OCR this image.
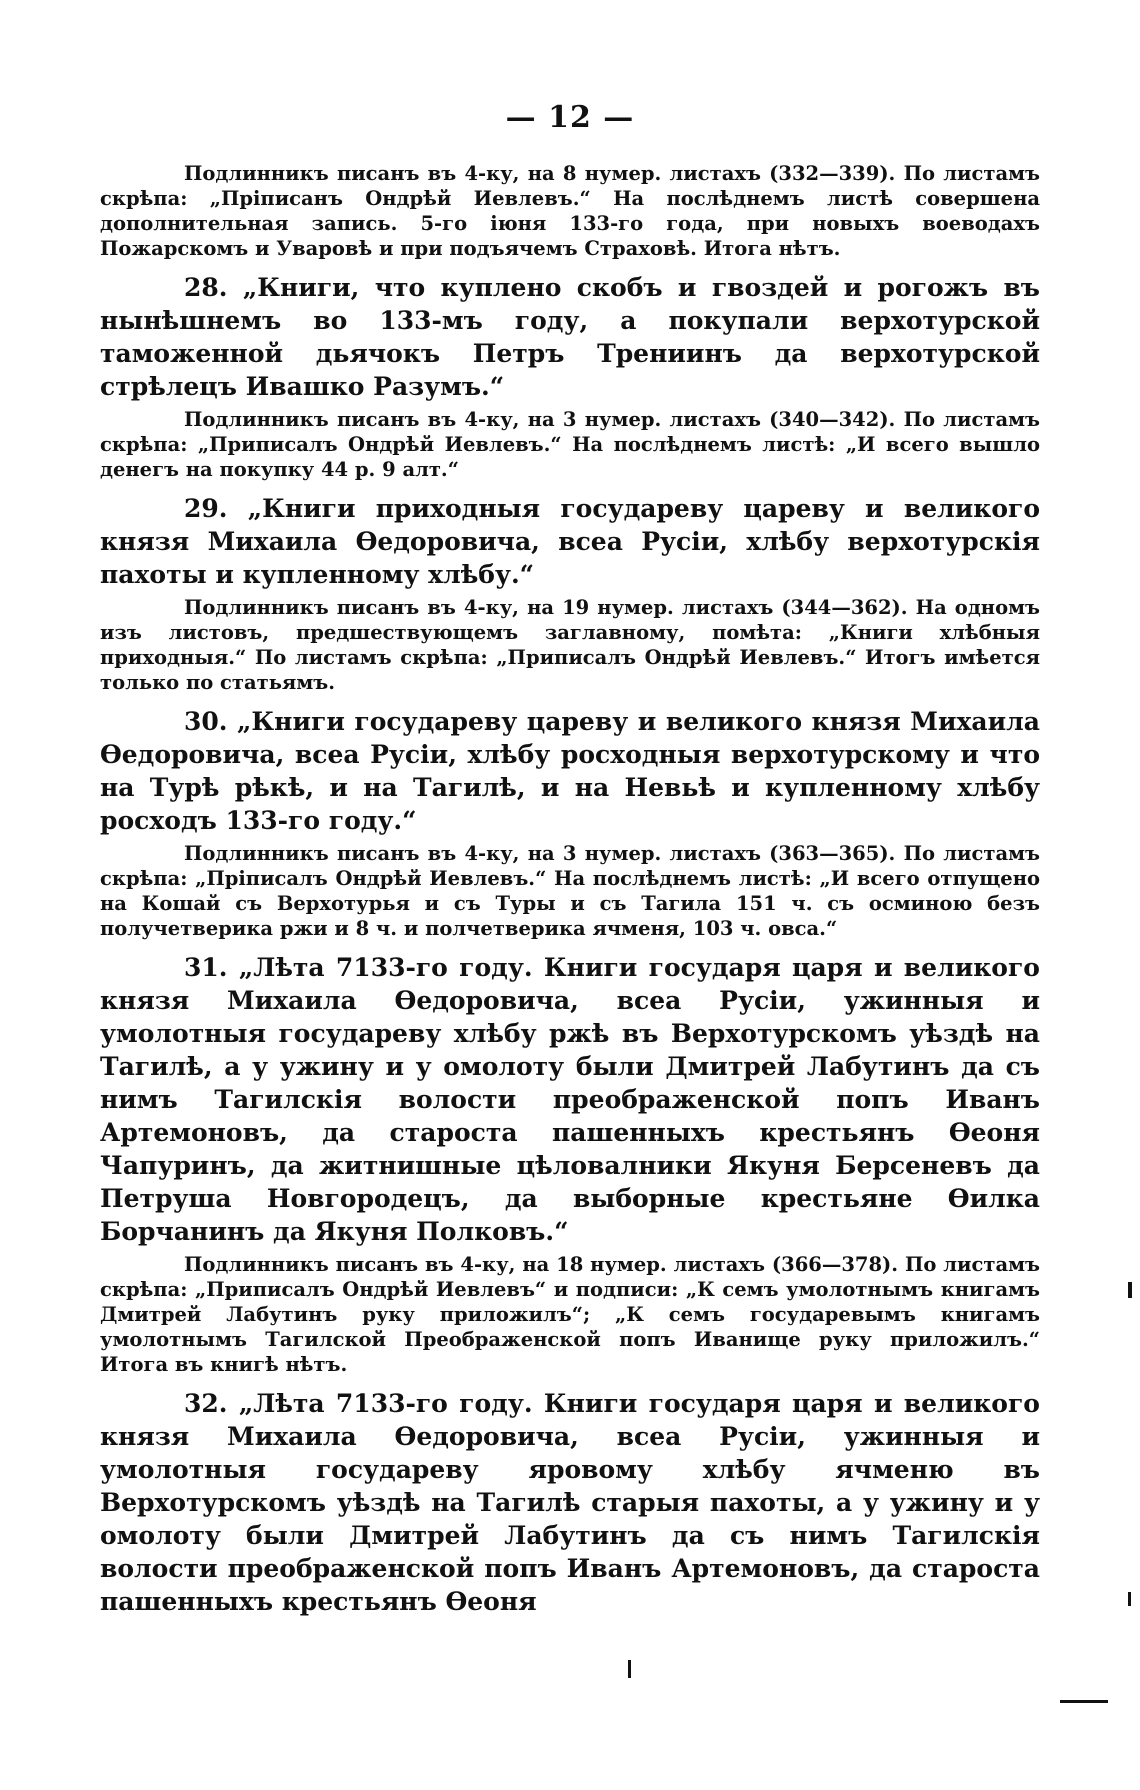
— 12 —

Подлинникъ писанъ въ 4-ку, на 8 нумер. листахъ (332—339). По листамъ скрѣпа: „Прiписанъ Ондрѣй Иевлевъ.“ На послѣднемъ листѣ совершена дополнительная запись. 5-го iюня 133-го года, при новыхъ воеводахъ Пожарскомъ и Уваровѣ и при подъячемъ Страховѣ. Итога нѣтъ.

28. „Книги, что куплено скобъ и гвоздей и рогожъ въ нынѣшнемъ во 133-мъ году, а покупали верхотурской таможенной дьячокъ Петръ Трениинъ да верхотурской стрѣлецъ Ивашко Разумъ.“

Подлинникъ писанъ въ 4-ку, на 3 нумер. листахъ (340—342). По листамъ скрѣпа: „Приписалъ Ондрѣй Иевлевъ.“ На послѣднемъ листѣ: „И всего вышло денегъ на покупку 44 р. 9 алт.“

29. „Книги приходныя государеву цареву и великого князя Михаила Өедоровича, всеа Русiи, хлѣбу верхотурскiя пахоты и купленному хлѣбу.“

Подлинникъ писанъ въ 4-ку, на 19 нумер. листахъ (344—362). На одномъ изъ листовъ, предшествующемъ заглавному, помѣта: „Книги хлѣбныя приходныя.“ По листамъ скрѣпа: „Приписалъ Ондрѣй Иевлевъ.“ Итогъ имѣется только по статьямъ.

30. „Книги государеву цареву и великого князя Михаила Өедоровича, всеа Русiи, хлѣбу росходныя верхотурскому и что на Турѣ рѣкѣ, и на Тагилѣ, и на Невьѣ и купленному хлѣбу росходъ 133-го году.“

Подлинникъ писанъ въ 4-ку, на 3 нумер. листахъ (363—365). По листамъ скрѣпа: „Прiписалъ Ондрѣй Иевлевъ.“ На послѣднемъ листѣ: „И всего отпущено на Кошай съ Верхотурья и съ Туры и съ Тагила 151 ч. съ осминою безъ получетверика ржи и 8 ч. и полчетверика ячменя, 103 ч. овса.“

31. „Лѣта 7133-го году. Книги государя царя и великого князя Михаила Өедоровича, всеа Русiи, ужинныя и умолотныя государеву хлѣбу ржѣ въ Верхотурскомъ уѣздѣ на Тагилѣ, а у ужину и у омолоту были Дмитрей Лабутинъ да съ нимъ Тагилскiя волости преображенской попъ Иванъ Артемоновъ, да староста пашенныхъ крестьянъ Өеоня Чапуринъ, да житнишные цѣловалники Якуня Берсеневъ да Петруша Новгородецъ, да выборные крестьяне Өилка Борчанинъ да Якуня Полковъ.“

Подлинникъ писанъ въ 4-ку, на 18 нумер. листахъ (366—378). По листамъ скрѣпа: „Приписалъ Ондрѣй Иевлевъ“ и подписи: „К семъ умолотнымъ книгамъ Дмитрей Лабутинъ руку приложилъ“; „К семъ государевымъ книгамъ умолотнымъ Тагилской Преображенской попъ Иванище руку приложилъ.“ Итога въ книгѣ нѣтъ.

32. „Лѣта 7133-го году. Книги государя царя и великого князя Михаила Өедоровича, всеа Русiи, ужинныя и умолотныя государеву яровому хлѣбу ячменю въ Верхотурскомъ уѣздѣ на Тагилѣ старыя пахоты, а у ужину и у омолоту были Дмитрей Лабутинъ да съ нимъ Тагилскiя волости преображенской попъ Иванъ Артемоновъ, да староста пашенныхъ крестьянъ Өеоня
